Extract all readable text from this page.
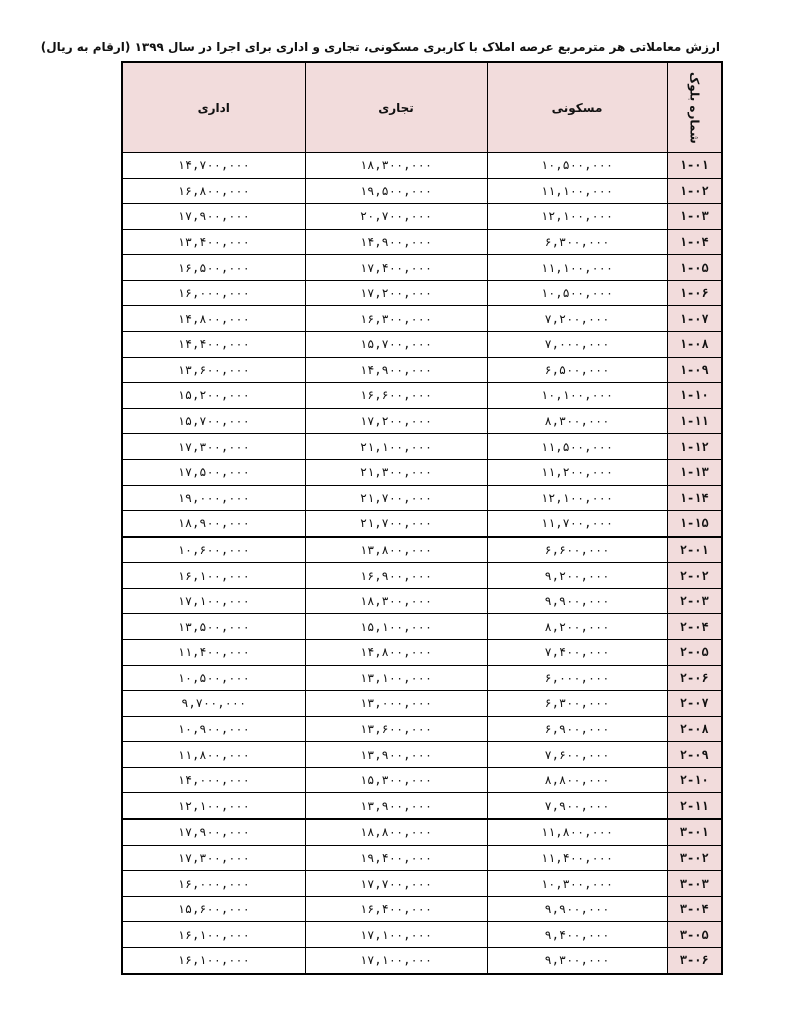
ارزش معاملاتی هر مترمربع عرصه املاک با کاربری مسکونی، تجاری و اداری برای اجرا در سال ۱۳۹۹ (ارقام به ریال)
اداری	تجاری	مسکونی	شماره بلوک
۱۴,۷۰۰,۰۰۰	۱۸,۳۰۰,۰۰۰	۱۰,۵۰۰,۰۰۰	۱-۰۱
۱۶,۸۰۰,۰۰۰	۱۹,۵۰۰,۰۰۰	۱۱,۱۰۰,۰۰۰	۱-۰۲
۱۷,۹۰۰,۰۰۰	۲۰,۷۰۰,۰۰۰	۱۲,۱۰۰,۰۰۰	۱-۰۳
۱۳,۴۰۰,۰۰۰	۱۴,۹۰۰,۰۰۰	۶,۳۰۰,۰۰۰	۱-۰۴
۱۶,۵۰۰,۰۰۰	۱۷,۴۰۰,۰۰۰	۱۱,۱۰۰,۰۰۰	۱-۰۵
۱۶,۰۰۰,۰۰۰	۱۷,۲۰۰,۰۰۰	۱۰,۵۰۰,۰۰۰	۱-۰۶
۱۴,۸۰۰,۰۰۰	۱۶,۳۰۰,۰۰۰	۷,۲۰۰,۰۰۰	۱-۰۷
۱۴,۴۰۰,۰۰۰	۱۵,۷۰۰,۰۰۰	۷,۰۰۰,۰۰۰	۱-۰۸
۱۳,۶۰۰,۰۰۰	۱۴,۹۰۰,۰۰۰	۶,۵۰۰,۰۰۰	۱-۰۹
۱۵,۲۰۰,۰۰۰	۱۶,۶۰۰,۰۰۰	۱۰,۱۰۰,۰۰۰	۱-۱۰
۱۵,۷۰۰,۰۰۰	۱۷,۲۰۰,۰۰۰	۸,۳۰۰,۰۰۰	۱-۱۱
۱۷,۳۰۰,۰۰۰	۲۱,۱۰۰,۰۰۰	۱۱,۵۰۰,۰۰۰	۱-۱۲
۱۷,۵۰۰,۰۰۰	۲۱,۳۰۰,۰۰۰	۱۱,۲۰۰,۰۰۰	۱-۱۳
۱۹,۰۰۰,۰۰۰	۲۱,۷۰۰,۰۰۰	۱۲,۱۰۰,۰۰۰	۱-۱۴
۱۸,۹۰۰,۰۰۰	۲۱,۷۰۰,۰۰۰	۱۱,۷۰۰,۰۰۰	۱-۱۵
۱۰,۶۰۰,۰۰۰	۱۳,۸۰۰,۰۰۰	۶,۶۰۰,۰۰۰	۲-۰۱
۱۶,۱۰۰,۰۰۰	۱۶,۹۰۰,۰۰۰	۹,۲۰۰,۰۰۰	۲-۰۲
۱۷,۱۰۰,۰۰۰	۱۸,۳۰۰,۰۰۰	۹,۹۰۰,۰۰۰	۲-۰۳
۱۳,۵۰۰,۰۰۰	۱۵,۱۰۰,۰۰۰	۸,۲۰۰,۰۰۰	۲-۰۴
۱۱,۴۰۰,۰۰۰	۱۴,۸۰۰,۰۰۰	۷,۴۰۰,۰۰۰	۲-۰۵
۱۰,۵۰۰,۰۰۰	۱۳,۱۰۰,۰۰۰	۶,۰۰۰,۰۰۰	۲-۰۶
۹,۷۰۰,۰۰۰	۱۳,۰۰۰,۰۰۰	۶,۳۰۰,۰۰۰	۲-۰۷
۱۰,۹۰۰,۰۰۰	۱۳,۶۰۰,۰۰۰	۶,۹۰۰,۰۰۰	۲-۰۸
۱۱,۸۰۰,۰۰۰	۱۳,۹۰۰,۰۰۰	۷,۶۰۰,۰۰۰	۲-۰۹
۱۴,۰۰۰,۰۰۰	۱۵,۳۰۰,۰۰۰	۸,۸۰۰,۰۰۰	۲-۱۰
۱۲,۱۰۰,۰۰۰	۱۳,۹۰۰,۰۰۰	۷,۹۰۰,۰۰۰	۲-۱۱
۱۷,۹۰۰,۰۰۰	۱۸,۸۰۰,۰۰۰	۱۱,۸۰۰,۰۰۰	۳-۰۱
۱۷,۳۰۰,۰۰۰	۱۹,۴۰۰,۰۰۰	۱۱,۴۰۰,۰۰۰	۳-۰۲
۱۶,۰۰۰,۰۰۰	۱۷,۷۰۰,۰۰۰	۱۰,۳۰۰,۰۰۰	۳-۰۳
۱۵,۶۰۰,۰۰۰	۱۶,۴۰۰,۰۰۰	۹,۹۰۰,۰۰۰	۳-۰۴
۱۶,۱۰۰,۰۰۰	۱۷,۱۰۰,۰۰۰	۹,۴۰۰,۰۰۰	۳-۰۵
۱۶,۱۰۰,۰۰۰	۱۷,۱۰۰,۰۰۰	۹,۳۰۰,۰۰۰	۳-۰۶
